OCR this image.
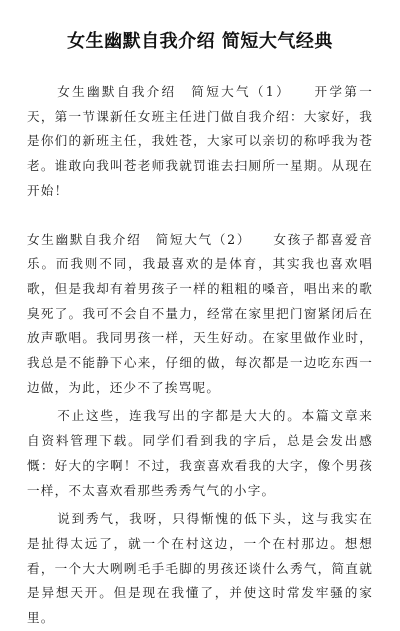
女生幽默自我介绍 简短大气经典

女生幽默自我介绍　简短大气（1）　　开学第一天，第一节课新任女班主任进门做自我介绍：大家好，我是你们的新班主任，我姓苍，大家可以亲切的称呼我为苍老。谁敢向我叫苍老师我就罚谁去扫厕所一星期。从现在开始！

女生幽默自我介绍　简短大气（2）　　女孩子都喜爱音乐。而我则不同，我最喜欢的是体育，其实我也喜欢唱歌，但是我却有着男孩子一样的粗粗的嗓音，唱出来的歌臭死了。我可不会自不量力，经常在家里把门窗紧闭后在放声歌唱。我同男孩一样，天生好动。在家里做作业时，我总是不能静下心来，仔细的做，每次都是一边吃东西一边做，为此，还少不了挨骂呢。

不止这些，连我写出的字都是大大的。本篇文章来自资料管理下载。同学们看到我的字后，总是会发出感慨：好大的字啊！不过，我蛮喜欢看我的大字，像个男孩一样，不太喜欢看那些秀秀气气的小字。

说到秀气，我呀，只得惭愧的低下头，这与我实在是扯得太远了，就一个在村这边，一个在村那边。想想看，一个大大咧咧毛手毛脚的男孩还谈什么秀气，简直就是异想天开。但是现在我懂了，并使这时常发牢骚的家里。
